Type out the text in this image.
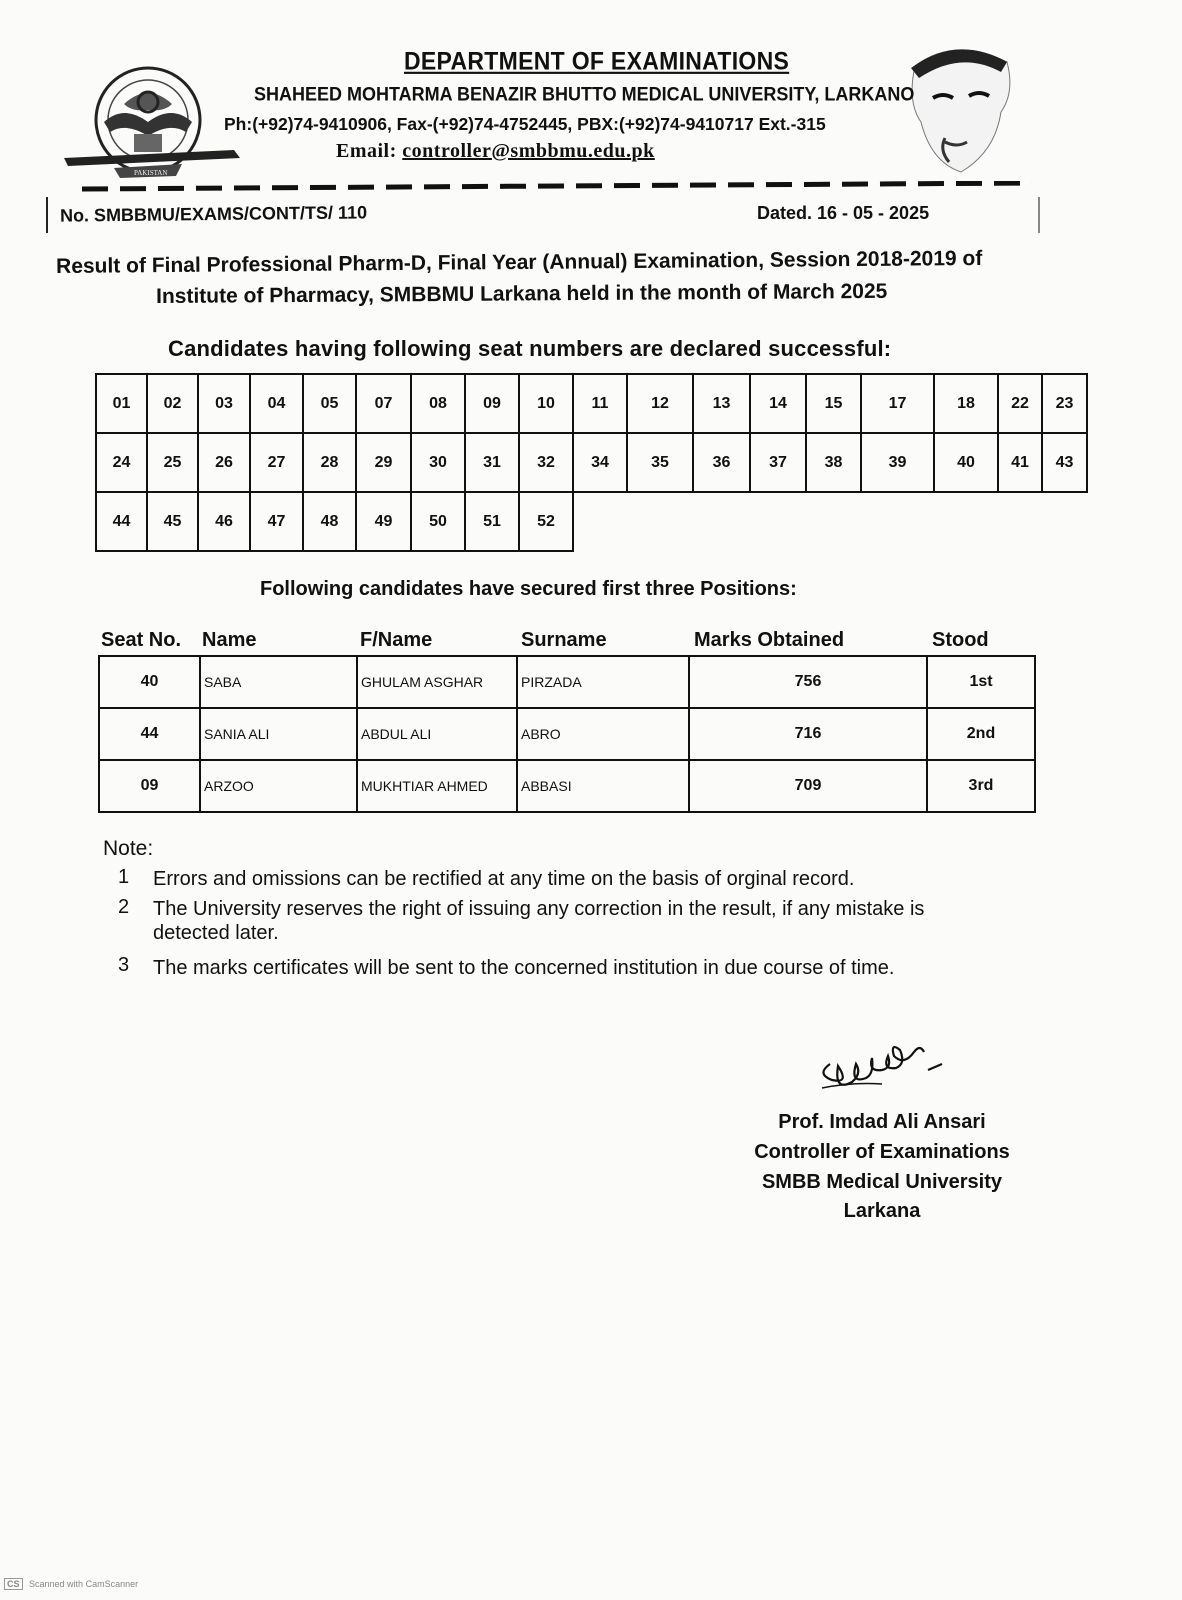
PAKISTAN
DEPARTMENT OF EXAMINATIONS
SHAHEED MOHTARMA BENAZIR BHUTTO MEDICAL UNIVERSITY, LARKANO
Ph:(+92)74-9410906, Fax-(+92)74-4752445, PBX:(+92)74-9410717 Ext.-315
Email: controller@smbbmu.edu.pk
No. SMBBMU/EXAMS/CONT/TS/ 110	Dated. 16 - 05 - 2025
Result of Final Professional Pharm-D, Final Year (Annual) Examination, Session 2018-2019 of
Institute of Pharmacy, SMBBMU Larkana held in the month of March 2025
Candidates having following seat numbers are declared successful:
01	02	03	04	05	07	08	09	10	11	12	13	14	15	17	18	22	23
24	25	26	27	28	29	30	31	32	34	35	36	37	38	39	40	41	43
44	45	46	47	48	49	50	51	52									
Following candidates have secured first three Positions:
Seat No. Name	F/Name	Surname	Marks Obtained	Stood
40	SABA	GHULAM ASGHAR	PIRZADA	756	1st
44	SANIA ALI	ABDUL ALI	ABRO	716	2nd
09	ARZOO	MUKHTIAR AHMED	ABBASI	709	3rd
Note:
1 Errors and omissions can be rectified at any time on the basis of orginal record.
2 The University reserves the right of issuing any correction in the result, if any mistake is
detected later.
3 The marks certificates will be sent to the concerned institution in due course of time.
Prof. Imdad Ali Ansari
Controller of Examinations
SMBB Medical University
Larkana
CS Scanned with CamScanner
